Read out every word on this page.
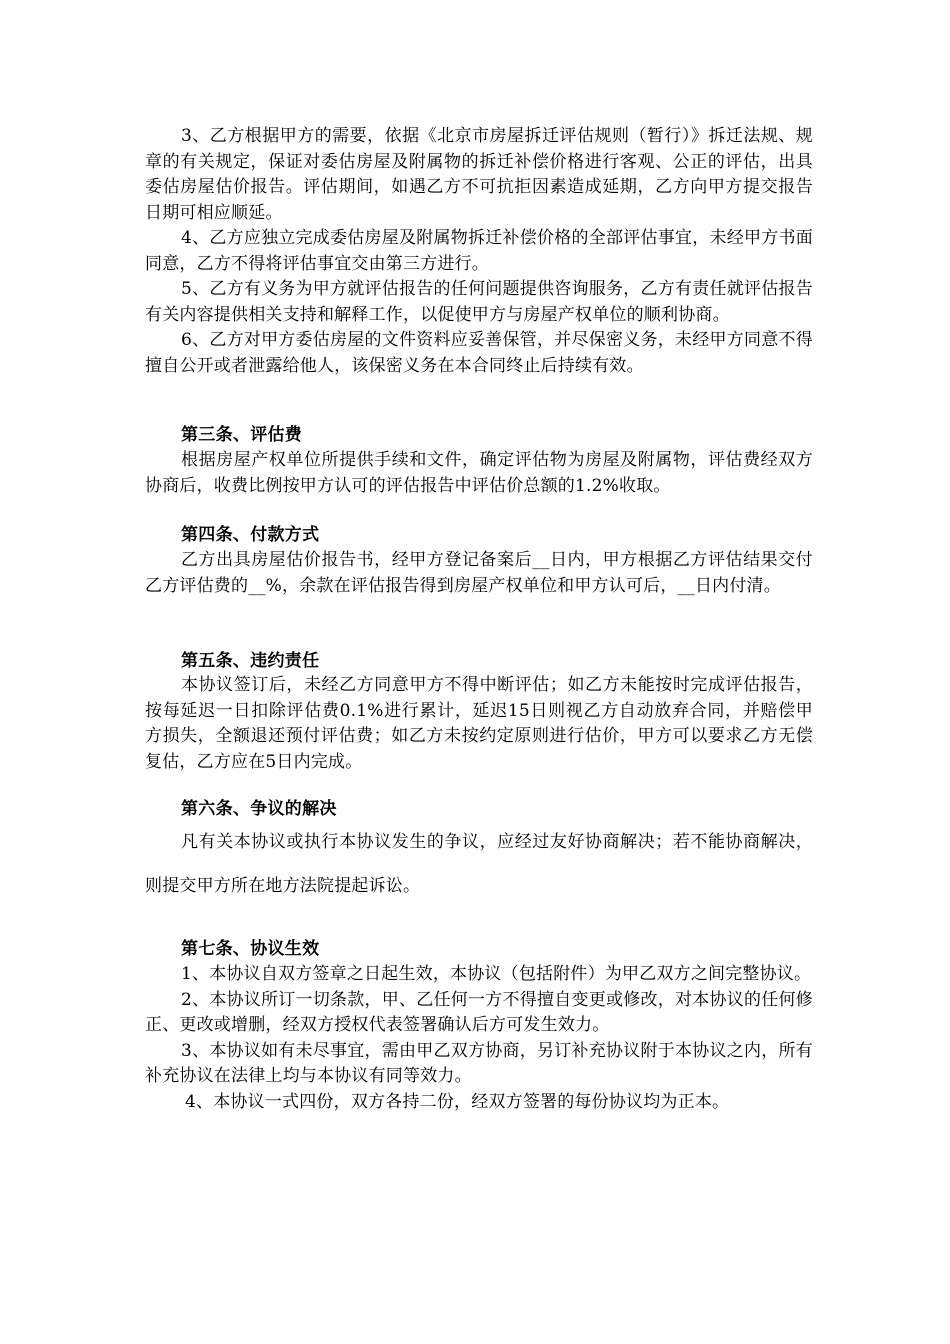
3、乙方根据甲方的需要，依据《北京市房屋拆迁评估规则（暂行）》拆迁法规、规章的有关规定，保证对委估房屋及附属物的拆迁补偿价格进行客观、公正的评估，出具委估房屋估价报告。评估期间，如遇乙方不可抗拒因素造成延期，乙方向甲方提交报告日期可相应顺延。

4、乙方应独立完成委估房屋及附属物拆迁补偿价格的全部评估事宜，未经甲方书面同意，乙方不得将评估事宜交由第三方进行。

5、乙方有义务为甲方就评估报告的任何问题提供咨询服务，乙方有责任就评估报告有关内容提供相关支持和解释工作，以促使甲方与房屋产权单位的顺利协商。

6、乙方对甲方委估房屋的文件资料应妥善保管，并尽保密义务，未经甲方同意不得擅自公开或者泄露给他人，该保密义务在本合同终止后持续有效。

第三条、评估费

根据房屋产权单位所提供手续和文件，确定评估物为房屋及附属物，评估费经双方协商后，收费比例按甲方认可的评估报告中评估价总额的1.2%收取。

第四条、付款方式

乙方出具房屋估价报告书，经甲方登记备案后__日内，甲方根据乙方评估结果交付乙方评估费的__%，余款在评估报告得到房屋产权单位和甲方认可后，__日内付清。

第五条、违约责任

本协议签订后，未经乙方同意甲方不得中断评估；如乙方未能按时完成评估报告，按每延迟一日扣除评估费0.1%进行累计，延迟15日则视乙方自动放弃合同，并赔偿甲方损失，全额退还预付评估费；如乙方未按约定原则进行估价，甲方可以要求乙方无偿复估，乙方应在5日内完成。

第六条、争议的解决

凡有关本协议或执行本协议发生的争议，应经过友好协商解决；若不能协商解决，则提交甲方所在地方法院提起诉讼。

第七条、协议生效

1、本协议自双方签章之日起生效，本协议（包括附件）为甲乙双方之间完整协议。

2、本协议所订一切条款，甲、乙任何一方不得擅自变更或修改，对本协议的任何修正、更改或增删，经双方授权代表签署确认后方可发生效力。

3、本协议如有未尽事宜，需由甲乙双方协商，另订补充协议附于本协议之内，所有补充协议在法律上均与本协议有同等效力。

4、本协议一式四份，双方各持二份，经双方签署的每份协议均为正本。
